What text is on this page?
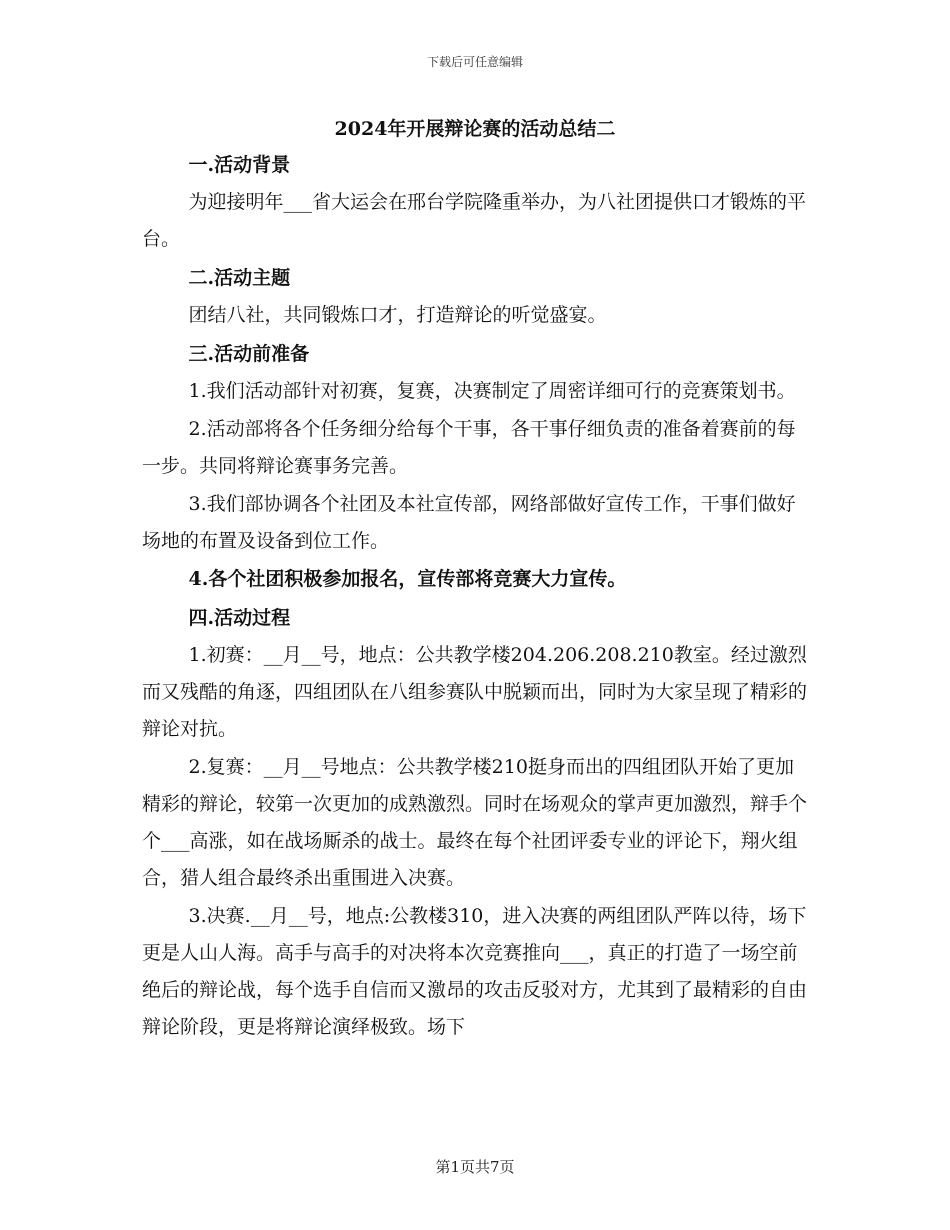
下载后可任意编辑
2024年开展辩论赛的活动总结二
一.活动背景

为迎接明年___省大运会在邢台学院隆重举办，为八社团提供口才锻炼的平台。

二.活动主题

团结八社，共同锻炼口才，打造辩论的听觉盛宴。

三.活动前准备

1.我们活动部针对初赛，复赛，决赛制定了周密详细可行的竞赛策划书。

2.活动部将各个任务细分给每个干事，各干事仔细负责的准备着赛前的每一步。共同将辩论赛事务完善。

3.我们部协调各个社团及本社宣传部，网络部做好宣传工作，干事们做好场地的布置及设备到位工作。

4.各个社团积极参加报名，宣传部将竞赛大力宣传。

四.活动过程

1.初赛：__月__号，地点：公共教学楼204.206.208.210教室。经过激烈而又残酷的角逐，四组团队在八组参赛队中脱颖而出，同时为大家呈现了精彩的辩论对抗。

2.复赛：__月__号地点：公共教学楼210挺身而出的四组团队开始了更加精彩的辩论，较第一次更加的成熟激烈。同时在场观众的掌声更加激烈，辩手个个___高涨，如在战场厮杀的战士。最终在每个社团评委专业的评论下，翔火组合，猎人组合最终杀出重围进入决赛。

3.决赛.__月__号，地点:公教楼310，进入决赛的两组团队严阵以待，场下更是人山人海。高手与高手的对决将本次竞赛推向___，真正的打造了一场空前绝后的辩论战，每个选手自信而又激昂的攻击反驳对方，尤其到了最精彩的自由辩论阶段，更是将辩论演绎极致。场下

第1页共7页
